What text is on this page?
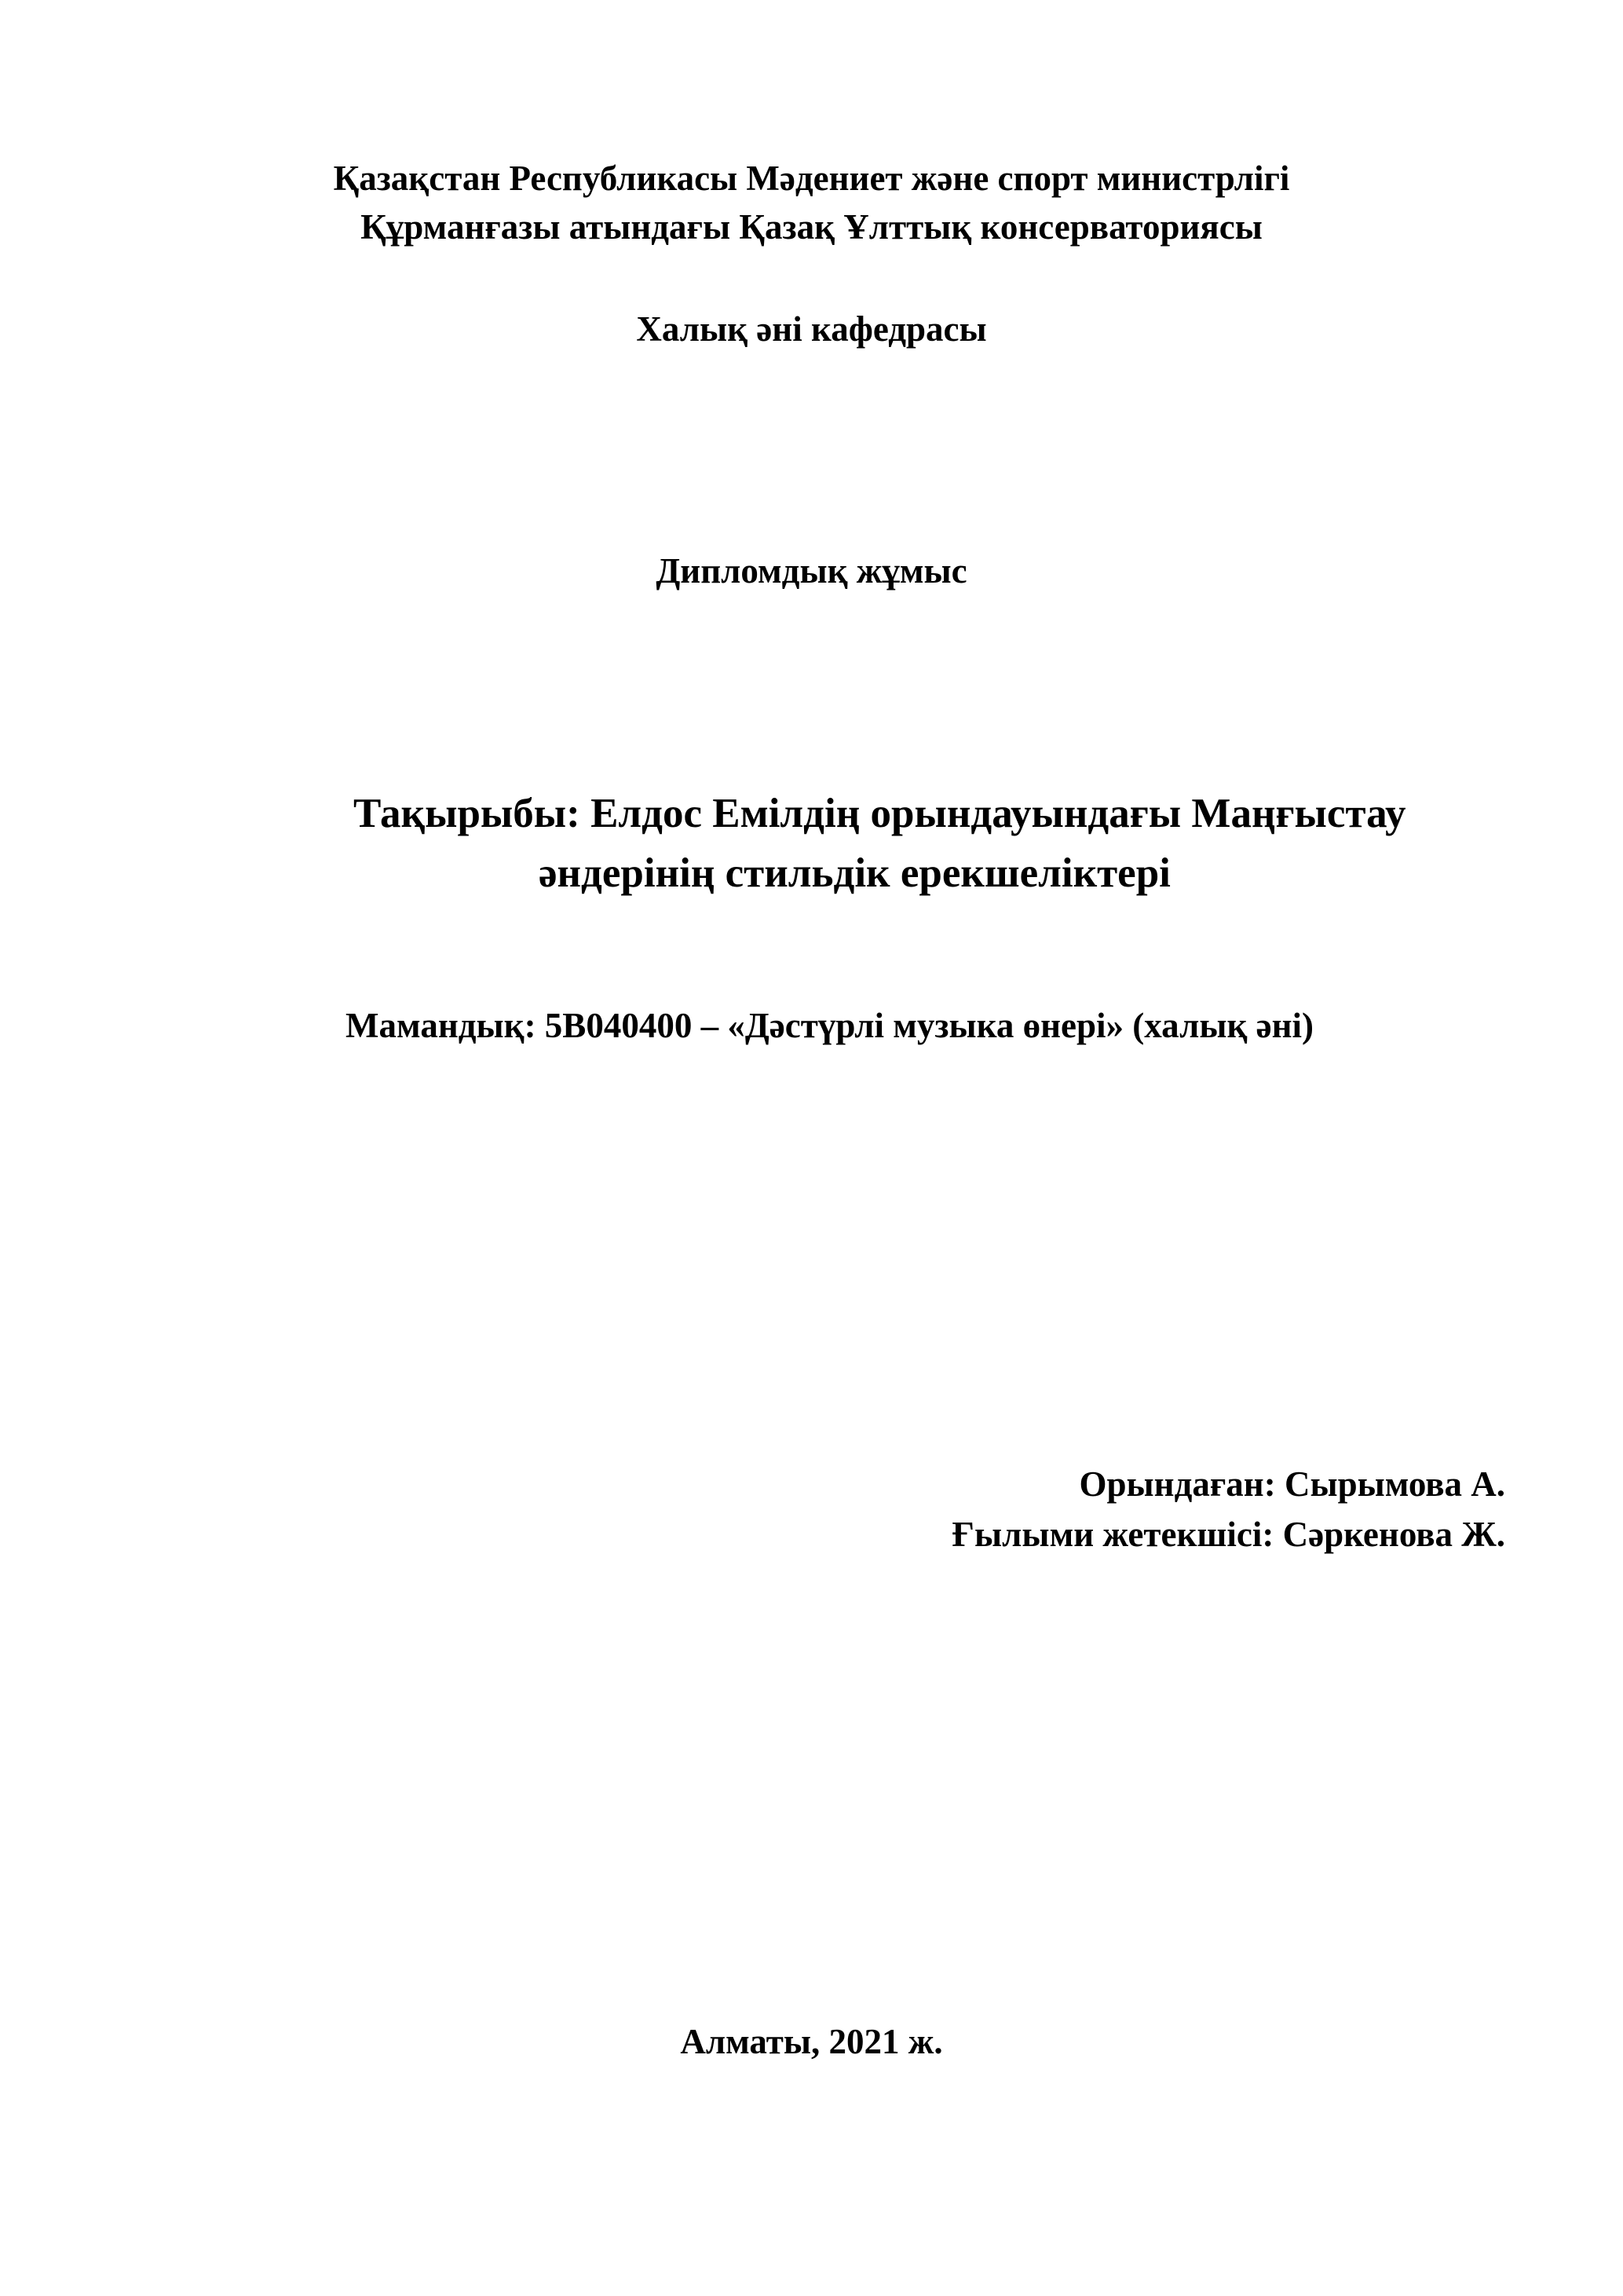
Қазақстан Республикасы Мәдениет және спорт министрлігі
Құрманғазы атындағы Қазақ Ұлттық консерваториясы
Халық әні кафедрасы
Дипломдық жұмыс
Тақырыбы: Елдос Емілдің орындауындағы Маңғыстау
әндерінің стильдік ерекшеліктері
Мамандық: 5В040400 – «Дәстүрлі музыка өнері» (халық әні)
Орындаған: Сырымова А.
Ғылыми жетекшісі: Сәркенова Ж.
Алматы, 2021 ж.
